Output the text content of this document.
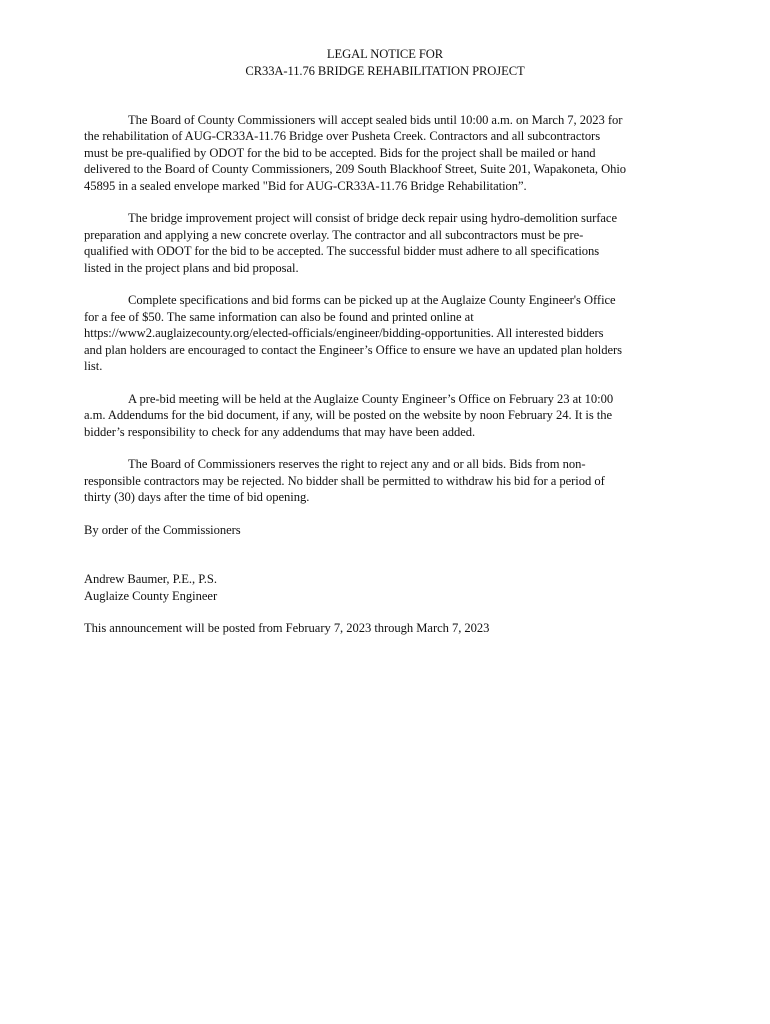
LEGAL NOTICE FOR
CR33A-11.76 BRIDGE REHABILITATION PROJECT

The Board of County Commissioners will accept sealed bids until 10:00 a.m. on March 7, 2023 for
the rehabilitation of AUG-CR33A-11.76 Bridge over Pusheta Creek. Contractors and all subcontractors
must be pre-qualified by ODOT for the bid to be accepted. Bids for the project shall be mailed or hand
delivered to the Board of County Commissioners, 209 South Blackhoof Street, Suite 201, Wapakoneta, Ohio
45895 in a sealed envelope marked "Bid for AUG-CR33A-11.76 Bridge Rehabilitation”.

The bridge improvement project will consist of bridge deck repair using hydro-demolition surface
preparation and applying a new concrete overlay. The contractor and all subcontractors must be pre-
qualified with ODOT for the bid to be accepted. The successful bidder must adhere to all specifications
listed in the project plans and bid proposal.

Complete specifications and bid forms can be picked up at the Auglaize County Engineer's Office
for a fee of $50. The same information can also be found and printed online at
https://www2.auglaizecounty.org/elected-officials/engineer/bidding-opportunities. All interested bidders
and plan holders are encouraged to contact the Engineer’s Office to ensure we have an updated plan holders
list.

A pre-bid meeting will be held at the Auglaize County Engineer’s Office on February 23 at 10:00
a.m. Addendums for the bid document, if any, will be posted on the website by noon February 24. It is the
bidder’s responsibility to check for any addendums that may have been added.

The Board of Commissioners reserves the right to reject any and or all bids. Bids from non-
responsible contractors may be rejected. No bidder shall be permitted to withdraw his bid for a period of
thirty (30) days after the time of bid opening.

By order of the Commissioners

Andrew Baumer, P.E., P.S.

Auglaize County Engineer

This announcement will be posted from February 7, 2023 through March 7, 2023
